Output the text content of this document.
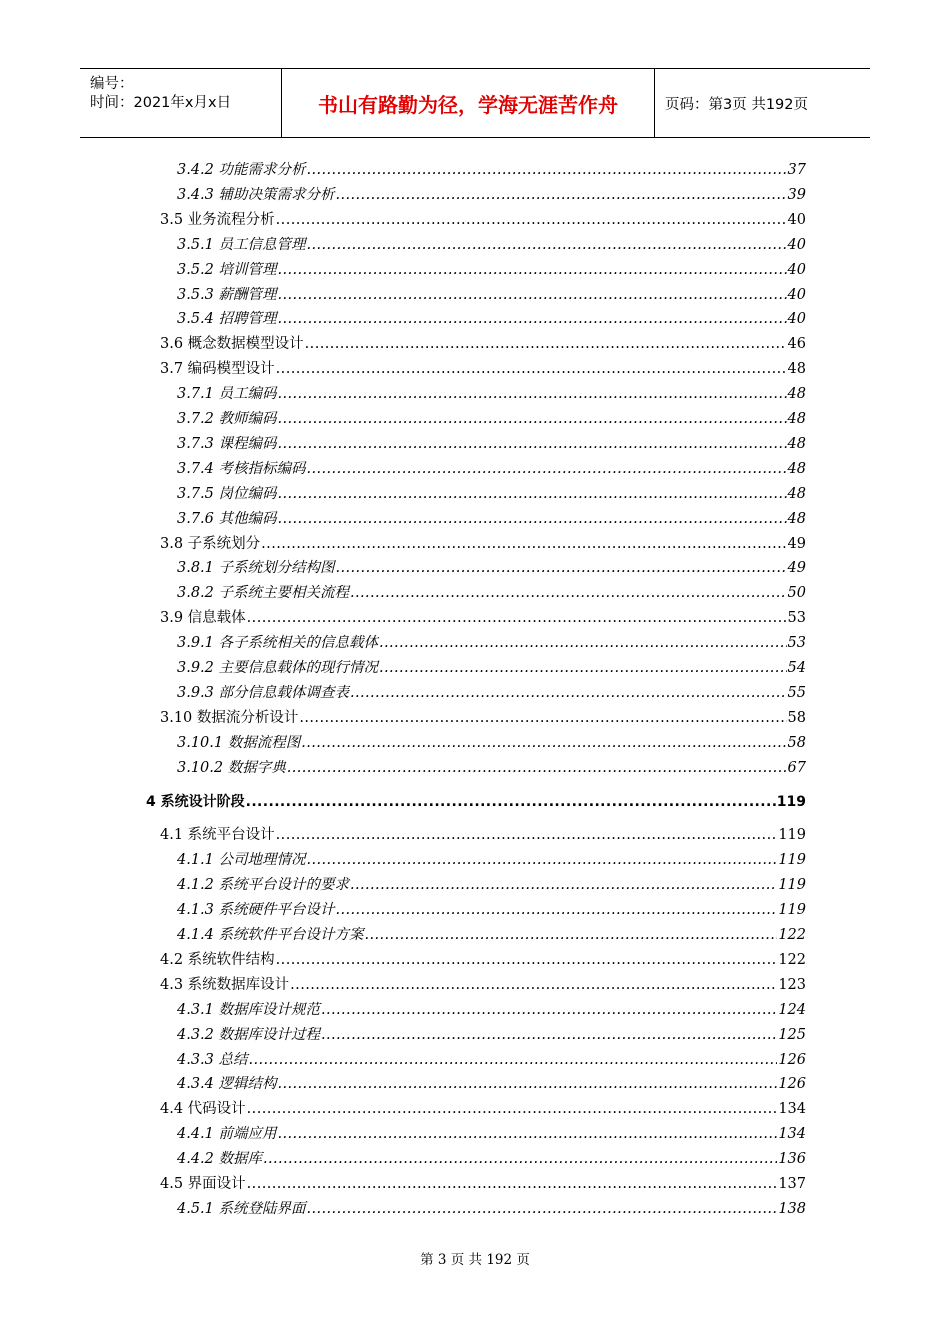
编号：
时间：2021年x月x日	书山有路勤为径，学海无涯苦作舟	页码：第3页 共192页
3.4.2 功能需求分析 .....	37
3.4.3 辅助决策需求分析 .....	39
3.5 业务流程分析 .....	40
3.5.1 员工信息管理 .....	40
3.5.2 培训管理 .....	40
3.5.3 薪酬管理 .....	40
3.5.4 招聘管理 .....	40
3.6 概念数据模型设计 .....	46
3.7 编码模型设计 .....	48
3.7.1 员工编码 .....	48
3.7.2 教师编码 .....	48
3.7.3 课程编码 .....	48
3.7.4 考核指标编码 .....	48
3.7.5 岗位编码 .....	48
3.7.6 其他编码 .....	48
3.8 子系统划分 .....	49
3.8.1 子系统划分结构图 .....	49
3.8.2 子系统主要相关流程 .....	50
3.9 信息载体 .....	53
3.9.1 各子系统相关的信息载体 .....	53
3.9.2 主要信息载体的现行情况 .....	54
3.9.3 部分信息载体调查表 .....	55
3.10 数据流分析设计 .....	58
3.10.1 数据流程图 .....	58
3.10.2 数据字典 .....	67
4 系统设计阶段 .....	119
4.1 系统平台设计 .....	119
4.1.1 公司地理情况 .....	119
4.1.2 系统平台设计的要求 .....	119
4.1.3 系统硬件平台设计 .....	119
4.1.4 系统软件平台设计方案 .....	122
4.2 系统软件结构 .....	122
4.3 系统数据库设计 .....	123
4.3.1 数据库设计规范 .....	124
4.3.2 数据库设计过程 .....	125
4.3.3 总结 .....	126
4.3.4 逻辑结构 .....	126
4.4 代码设计 .....	134
4.4.1 前端应用 .....	134
4.4.2 数据库 .....	136
4.5 界面设计 .....	137
4.5.1 系统登陆界面 .....	138
第 3 页 共 192 页
